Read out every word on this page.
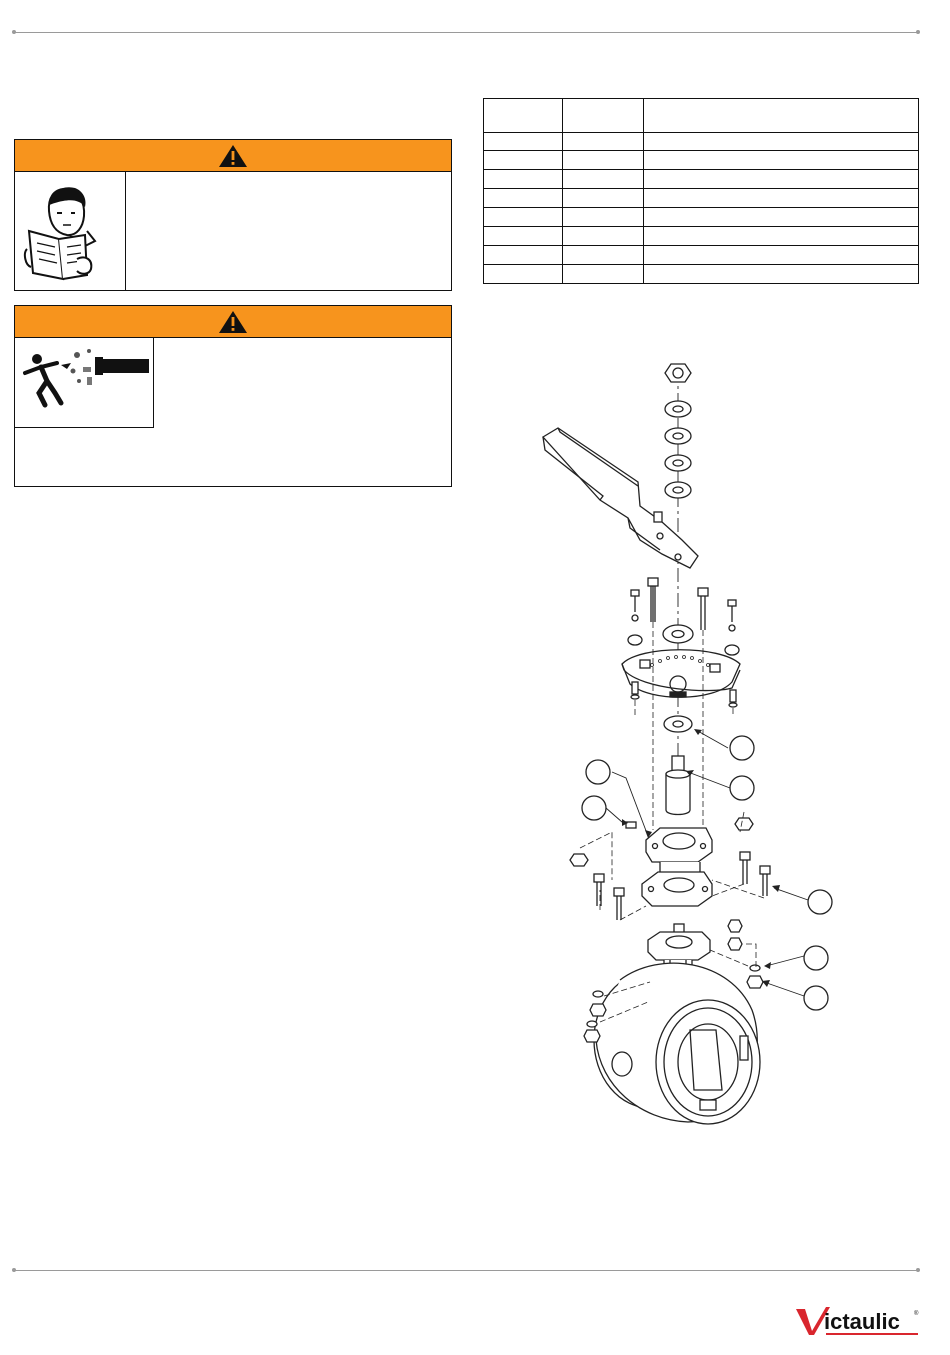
ictaulic ®
